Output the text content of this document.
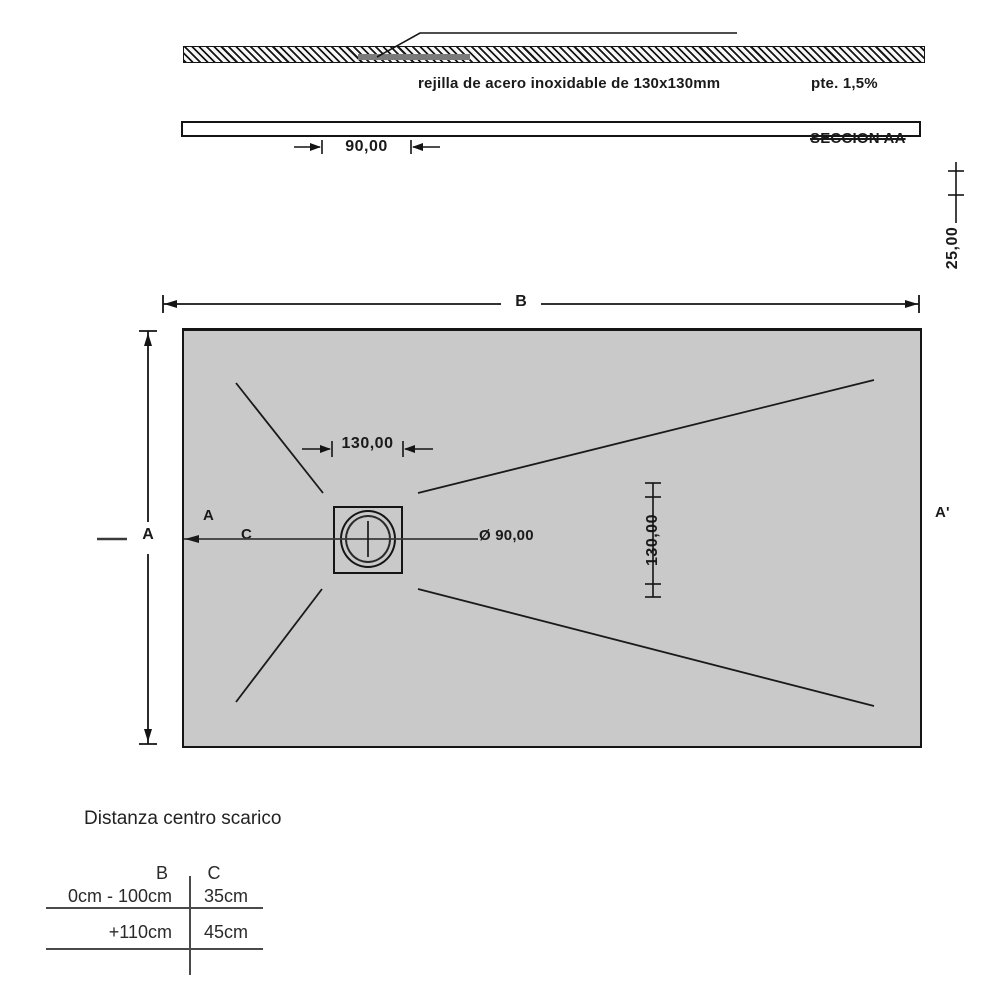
rejilla de acero inoxidable de 130x130mm	pte. 1,5%
SECCION AA
90,00
25,00
B
A
A
C	Ø 90,00
A'
130,00
130,00
Distanza centro scarico
B	C
0cm - 100cm 35cm
+110cm 45cm
